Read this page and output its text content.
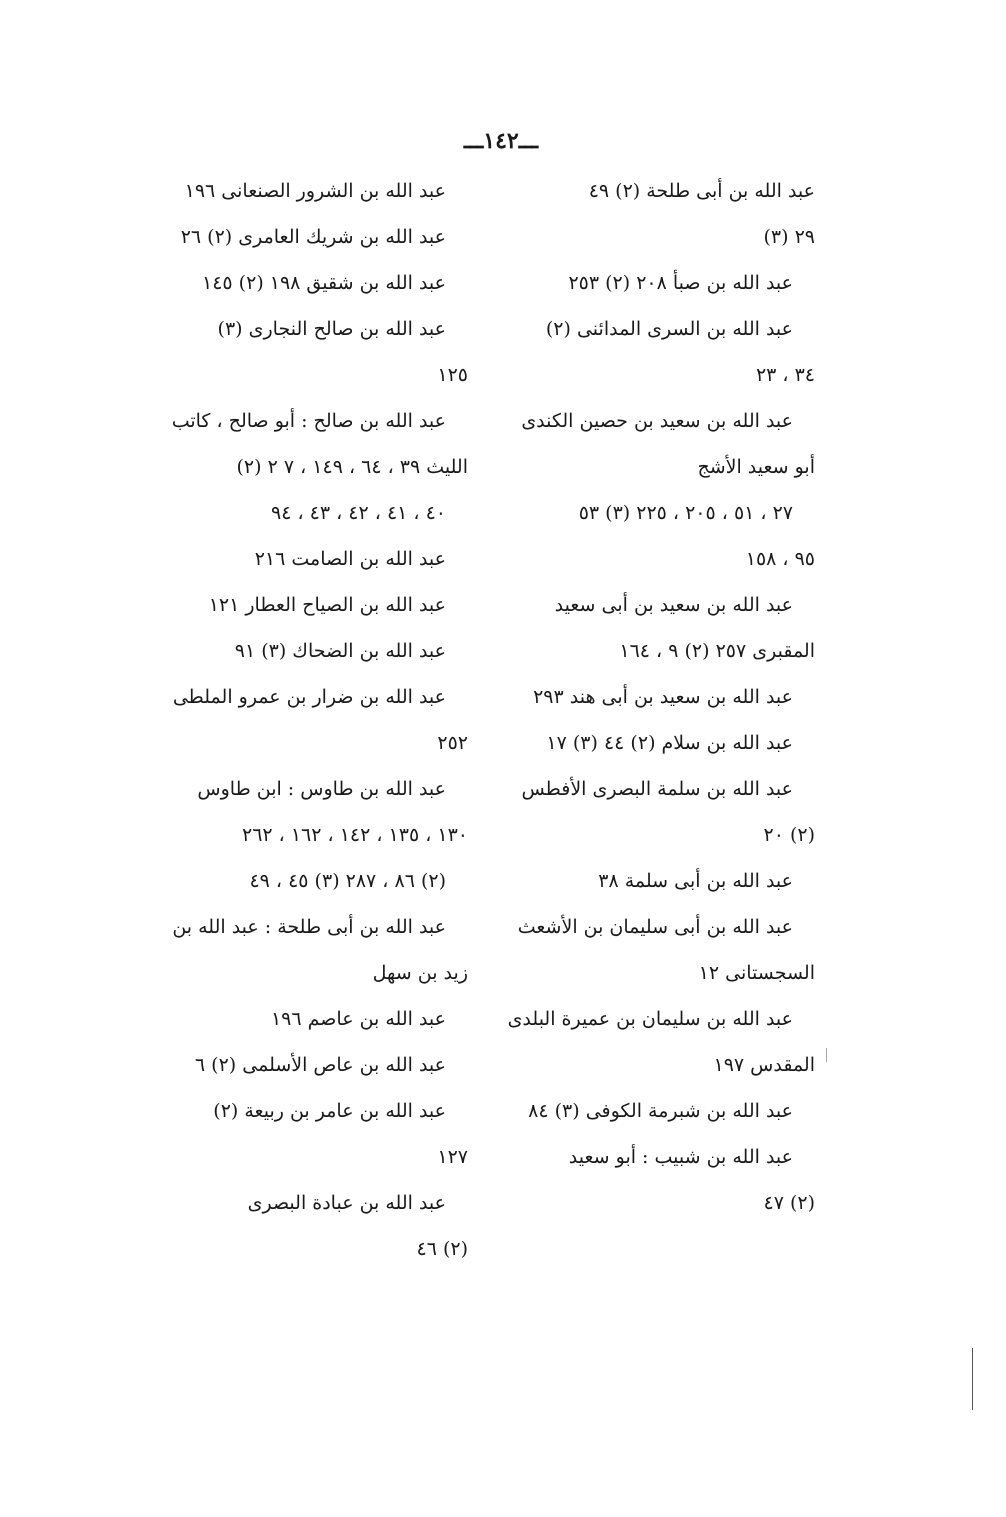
ـــ١٤٢ـــ
عبد الله بن أبى طلحة (٢) ٤٩
٢٩ (٣)
عبد الله بن صبأ ٢٠٨ (٢) ٢٥٣
عبد الله بن السرى المدائنى (٢)
٣٤ ، ٢٣
عبد الله بن سعيد بن حصين الكندى
أبو سعيد الأشج
٢٧ ، ٥١ ، ٢٠٥ ، ٢٢٥ (٣) ٥٣
٩٥ ، ١٥٨
عبد الله بن سعيد بن أبى سعيد
المقبرى ٢٥٧ (٢) ٩ ، ١٦٤
عبد الله بن سعيد بن أبى هند ٢٩٣
عبد الله بن سلام (٢) ٤٤ (٣) ١٧
عبد الله بن سلمة البصرى الأفطس
(٢) ٢٠
عبد الله بن أبى سلمة ٣٨
عبد الله بن أبى سليمان بن الأشعث
السجستانى ١٢
عبد الله بن سليمان بن عميرة البلدى
المقدس ١٩٧
عبد الله بن شبرمة الكوفى (٣) ٨٤
عبد الله بن شبيب : أبو سعيد
(٢) ٤٧
عبد الله بن الشرور الصنعانى ١٩٦
عبد الله بن شريك العامرى (٢) ٢٦
عبد الله بن شقيق ١٩٨ (٢) ١٤٥
عبد الله بن صالح النجارى (٣)
١٢٥
عبد الله بن صالح : أبو صالح ، كاتب
الليث ٣٩ ، ٦٤ ، ١٤٩ ، ٧ ٢ (٢)
٤٠ ، ٤١ ، ٤٢ ، ٤٣ ، ٩٤
عبد الله بن الصامت ٢١٦
عبد الله بن الصياح العطار ١٢١
عبد الله بن الضحاك (٣) ٩١
عبد الله بن ضرار بن عمرو الملطى
٢٥٢
عبد الله بن طاوس : ابن طاوس
١٣٠ ، ١٣٥ ، ١٤٢ ، ١٦٢ ، ٢٦٢
(٢) ٨٦ ، ٢٨٧ (٣) ٤٥ ، ٤٩
عبد الله بن أبى طلحة : عبد الله بن
زيد بن سهل
عبد الله بن عاصم ١٩٦
عبد الله بن عاص الأسلمى (٢) ٦
عبد الله بن عامر بن ربيعة (٢)
١٢٧
عبد الله بن عبادة البصرى
(٢) ٤٦
